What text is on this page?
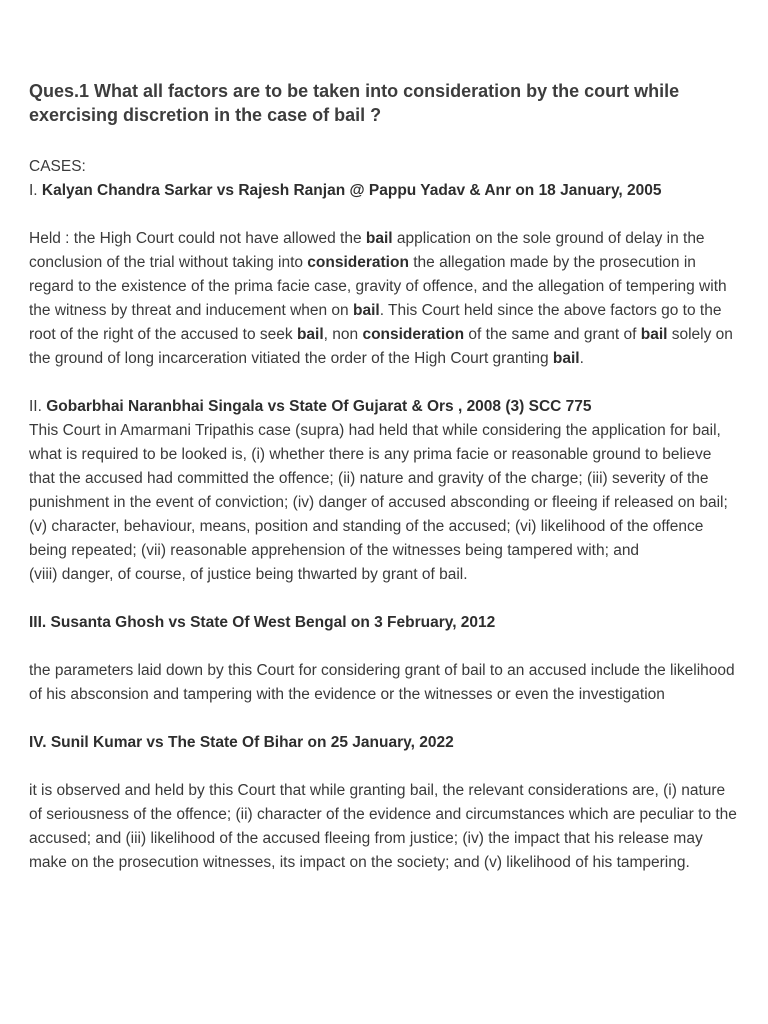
Ques.1 What all factors are to be taken into consideration by the court while exercising discretion in the case of bail ?

CASES:

I. Kalyan Chandra Sarkar vs Rajesh Ranjan @ Pappu Yadav & Anr on 18 January, 2005

Held : the High Court could not have allowed the bail application on the sole ground of delay in the conclusion of the trial without taking into consideration the allegation made by the prosecution in regard to the existence of the prima facie case, gravity of offence, and the allegation of tempering with the witness by threat and inducement when on bail. This Court held since the above factors go to the root of the right of the accused to seek bail, non consideration of the same and grant of bail solely on the ground of long incarceration vitiated the order of the High Court granting bail.

II. Gobarbhai Naranbhai Singala vs State Of Gujarat & Ors , 2008 (3) SCC 775

This Court in Amarmani Tripathis case (supra) had held that while considering the application for bail, what is required to be looked is, (i) whether there is any prima facie or reasonable ground to believe that the accused had committed the offence; (ii) nature and gravity of the charge; (iii) severity of the punishment in the event of conviction; (iv) danger of accused absconding or fleeing if released on bail; (v) character, behaviour, means, position and standing of the accused; (vi) likelihood of the offence being repeated; (vii) reasonable apprehension of the witnesses being tampered with; and

(viii) danger, of course, of justice being thwarted by grant of bail.

III. Susanta Ghosh vs State Of West Bengal on 3 February, 2012

the parameters laid down by this Court for considering grant of bail to an accused include the likelihood of his absconsion and tampering with the evidence or the witnesses or even the investigation

IV. Sunil Kumar vs The State Of Bihar on 25 January, 2022

it is observed and held by this Court that while granting bail, the relevant considerations are, (i) nature of seriousness of the offence; (ii) character of the evidence and circumstances which are peculiar to the accused; and (iii) likelihood of the accused fleeing from justice; (iv) the impact that his release may make on the prosecution witnesses, its impact on the society; and (v) likelihood of his tampering.
